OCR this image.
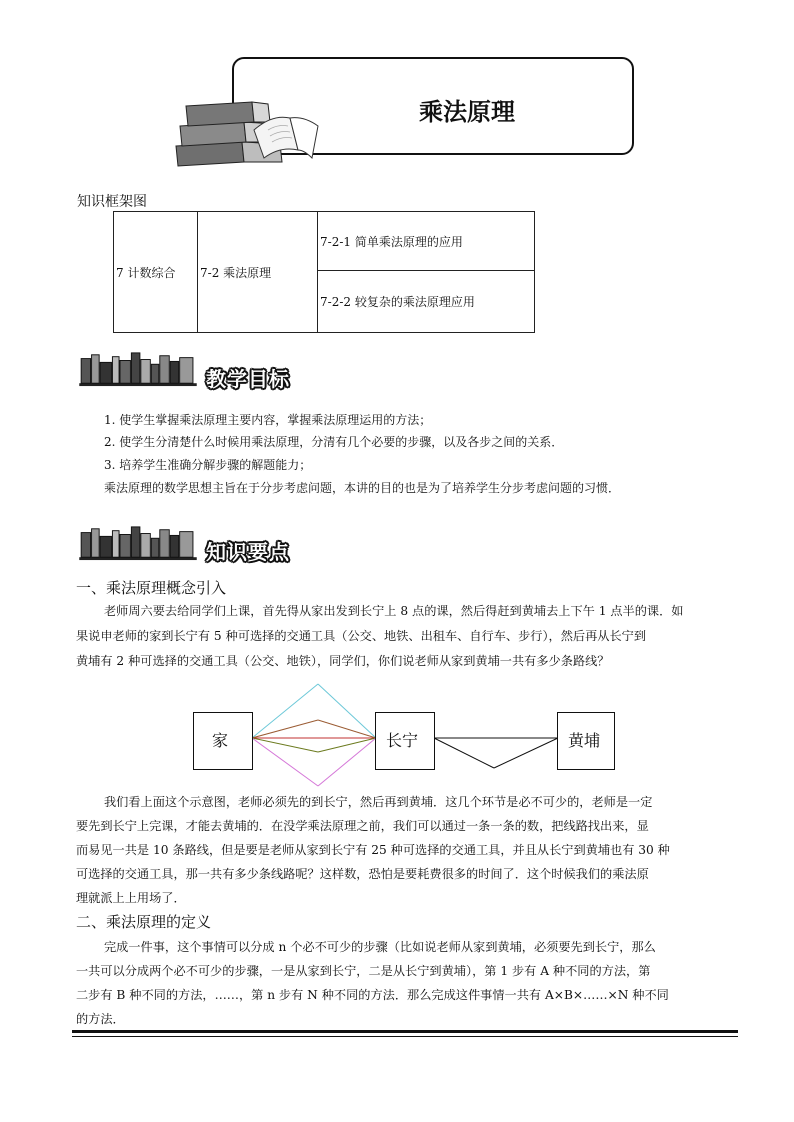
乘法原理
知识框架图
7 计数综合	7-2 乘法原理	7-2-1 简单乘法原理的应用
7-2-2 较复杂的乘法原理应用
教学目标
1. 使学生掌握乘法原理主要内容，掌握乘法原理运用的方法；
2. 使学生分清楚什么时候用乘法原理，分清有几个必要的步骤，以及各步之间的关系．
3. 培养学生准确分解步骤的解题能力；
乘法原理的数学思想主旨在于分步考虑问题，本讲的目的也是为了培养学生分步考虑问题的习惯．
知识要点
一、乘法原理概念引入
老师周六要去给同学们上课，首先得从家出发到长宁上 8 点的课，然后得赶到黄埔去上下午 1 点半的课．如
果说申老师的家到长宁有 5 种可选择的交通工具（公交、地铁、出租车、自行车、步行），然后再从长宁到
黄埔有 2 种可选择的交通工具（公交、地铁），同学们，你们说老师从家到黄埔一共有多少条路线？
家	长宁	黄埔
我们看上面这个示意图，老师必须先的到长宁，然后再到黄埔．这几个环节是必不可少的，老师是一定
要先到长宁上完课，才能去黄埔的．在没学乘法原理之前，我们可以通过一条一条的数，把线路找出来，显
而易见一共是 10 条路线，但是要是老师从家到长宁有 25 种可选择的交通工具，并且从长宁到黄埔也有 30 种
可选择的交通工具，那一共有多少条线路呢？这样数，恐怕是要耗费很多的时间了．这个时候我们的乘法原
理就派上上用场了．
二、乘法原理的定义
完成一件事，这个事情可以分成 n 个必不可少的步骤（比如说老师从家到黄埔，必须要先到长宁，那么
一共可以分成两个必不可少的步骤，一是从家到长宁，二是从长宁到黄埔），第 1 步有 A 种不同的方法，第
二步有 B 种不同的方法，……，第 n 步有 N 种不同的方法．那么完成这件事情一共有 A×B×……×N 种不同
的方法．
